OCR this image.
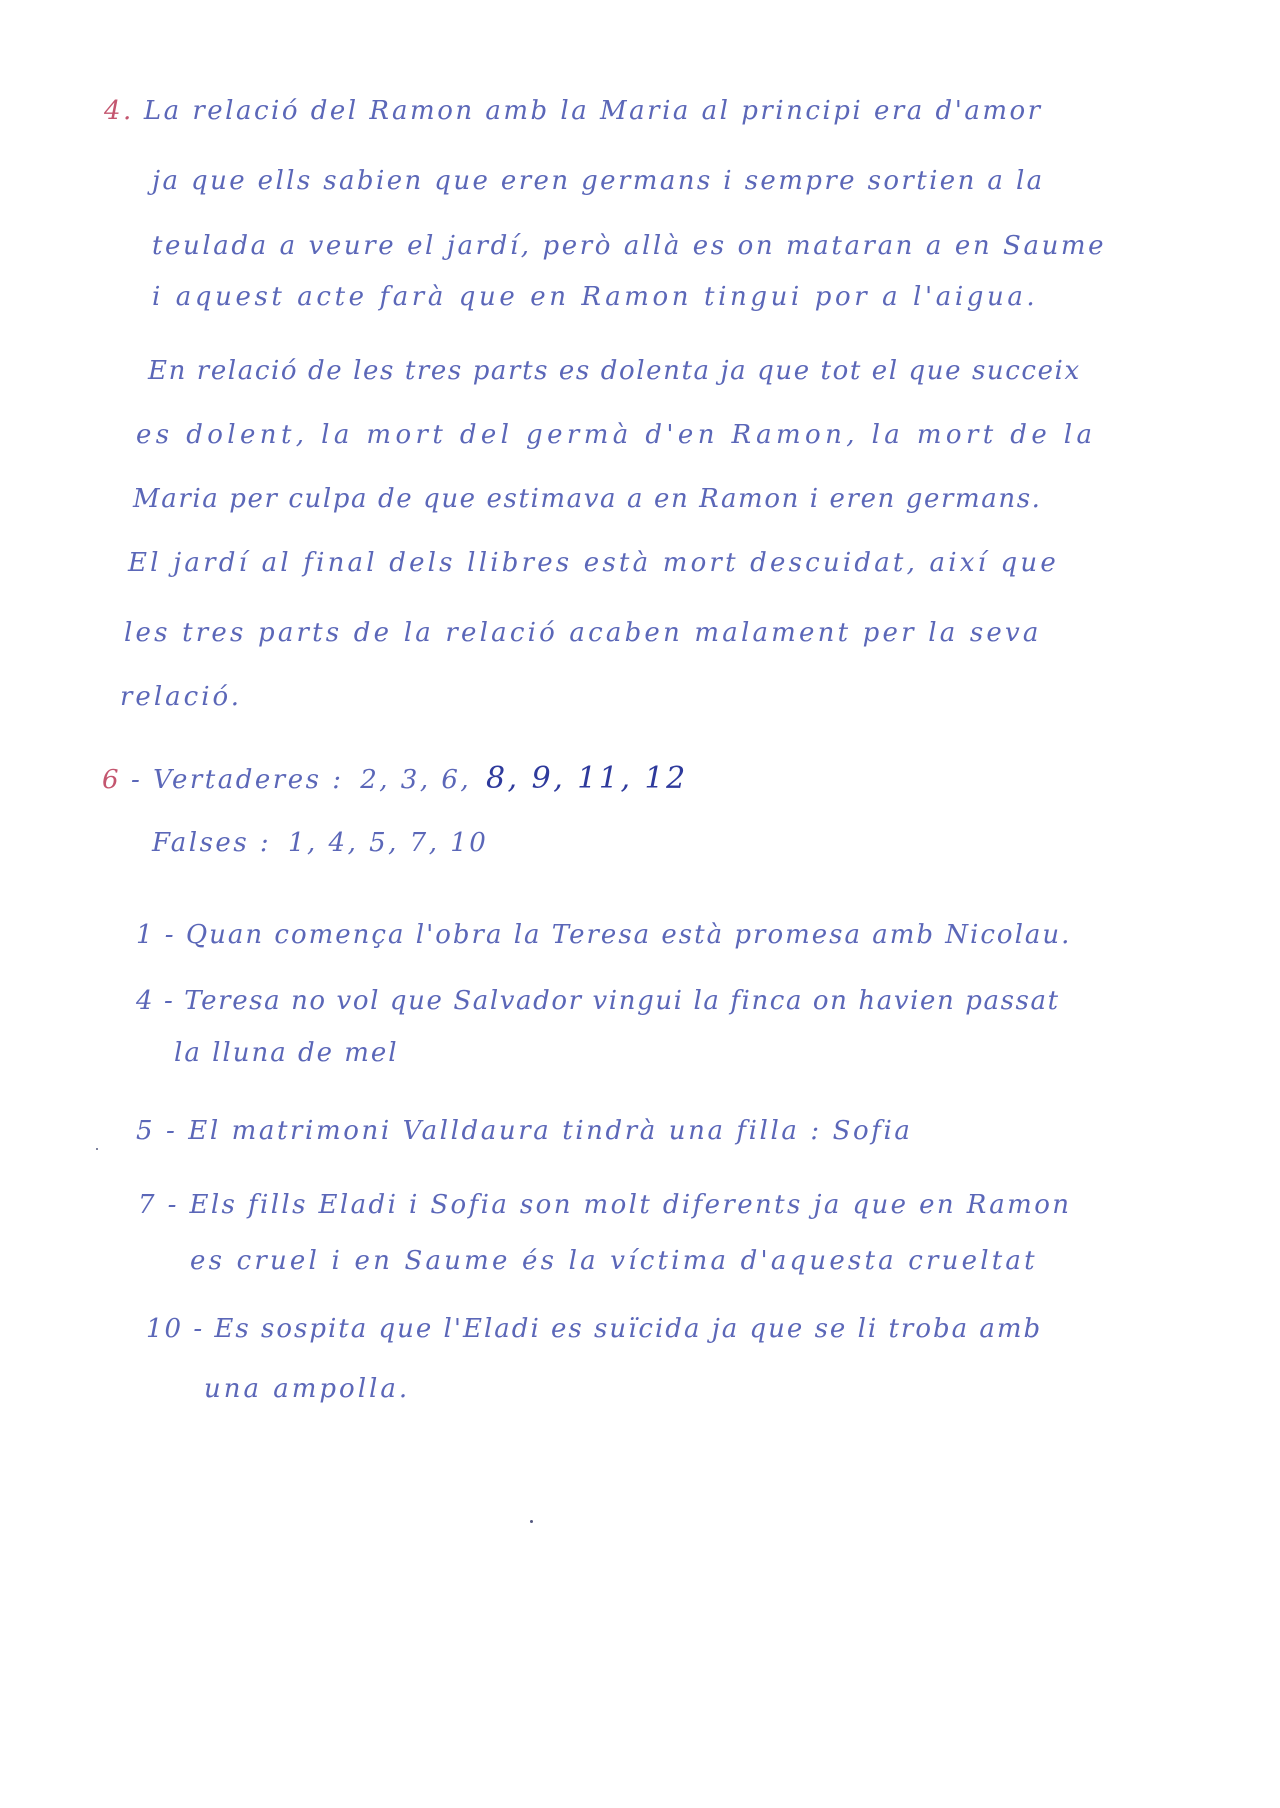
4. La relació del Ramon amb la Maria al principi era d'amor
ja que ells sabien que eren germans i sempre sortien a la
teulada a veure el jardí, però allà es on mataran a en Saume
i aquest acte farà que en Ramon tingui por a l'aigua.
En relació de les tres parts es dolenta ja que tot el que succeix
es dolent, la mort del germà d'en Ramon, la mort de la
Maria per culpa de que estimava a en Ramon i eren germans.
El jardí al final dels llibres està mort descuidat, així que
les tres parts de la relació acaben malament per la seva
relació.
6 - Vertaderes : 2, 3, 6, 8, 9, 11, 12
Falses : 1, 4, 5, 7, 10
1 - Quan comença l'obra la Teresa està promesa amb Nicolau.
4 - Teresa no vol que Salvador vingui la finca on havien passat
la lluna de mel
5 - El matrimoni Valldaura tindrà una filla : Sofia
7 - Els fills Eladi i Sofia son molt diferents ja que en Ramon
es cruel i en Saume és la víctima d'aquesta crueltat
10 - Es sospita que l'Eladi es suïcida ja que se li troba amb
una ampolla.
